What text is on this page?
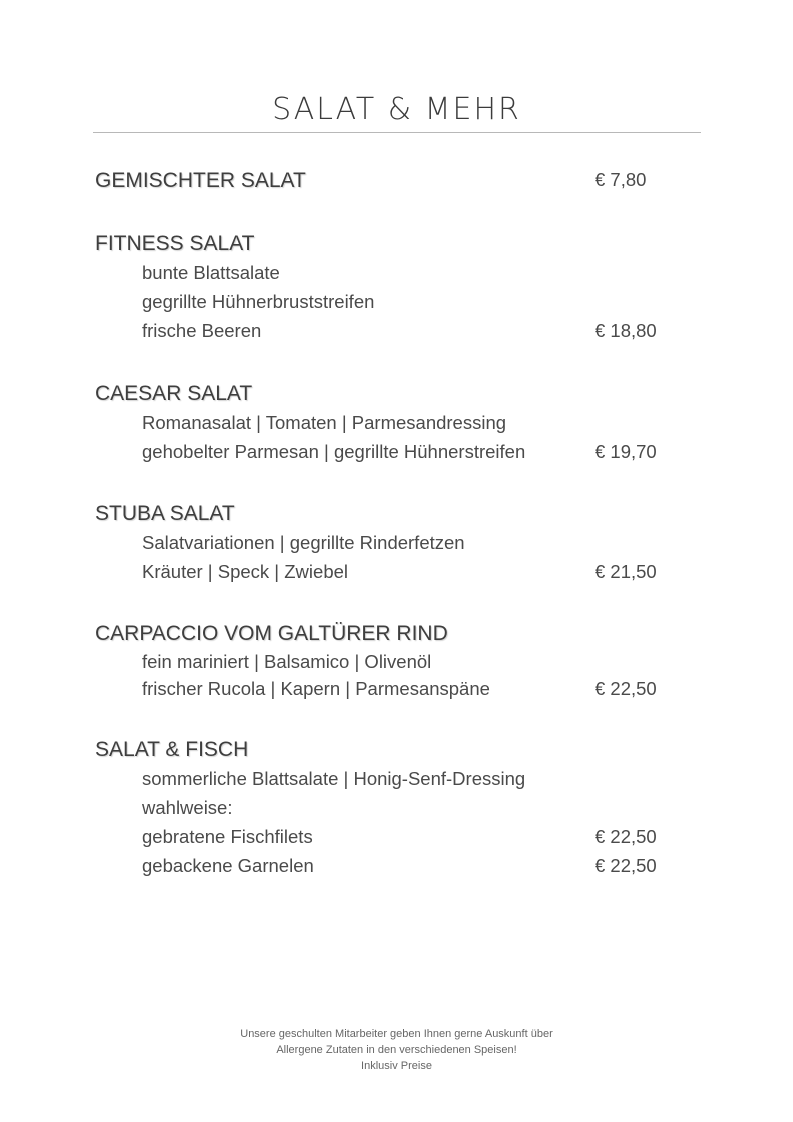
SALAT & MEHR
GEMISCHTER SALAT	€ 7,80
FITNESS SALAT
bunte Blattsalate
gegrillte Hühnerbruststreifen
frische Beeren	€ 18,80
CAESAR SALAT
Romanasalat | Tomaten | Parmesandressing
gehobelter Parmesan | gegrillte Hühnerstreifen	€ 19,70
STUBA SALAT
Salatvariationen | gegrillte Rinderfetzen
Kräuter | Speck | Zwiebel	€ 21,50
CARPACCIO VOM GALTÜRER RIND
fein mariniert | Balsamico | Olivenöl
frischer Rucola | Kapern | Parmesanspäne	€ 22,50
SALAT & FISCH
sommerliche Blattsalate | Honig-Senf-Dressing
wahlweise:
gebratene Fischfilets	€ 22,50
gebackene Garnelen	€ 22,50
Unsere geschulten Mitarbeiter geben Ihnen gerne Auskunft über
Allergene Zutaten in den verschiedenen Speisen!
Inklusiv Preise
